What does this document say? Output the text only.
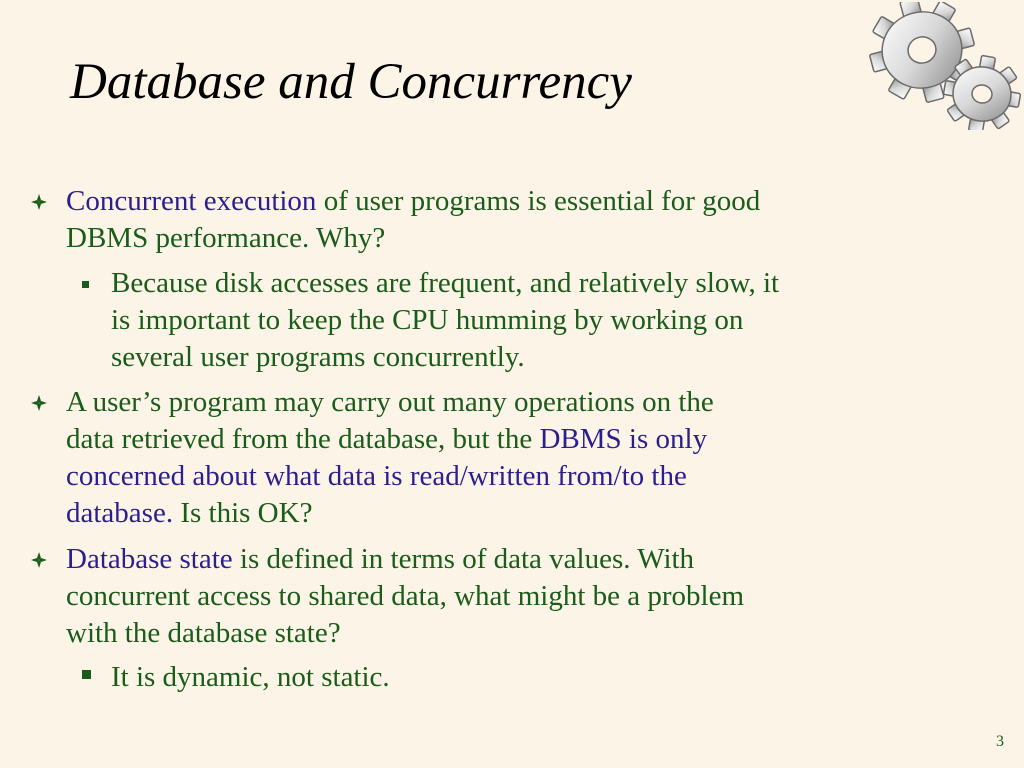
Database and Concurrency
Concurrent execution of user programs is essential for good
DBMS performance. Why?
Because disk accesses are frequent, and relatively slow, it
is important to keep the CPU humming by working on
several user programs concurrently.
A user’s program may carry out many operations on the
data retrieved from the database, but the DBMS is only
concerned about what data is read/written from/to the
database. Is this OK?
Database state is defined in terms of data values. With
concurrent access to shared data, what might be a problem
with the database state?
It is dynamic, not static.
3
